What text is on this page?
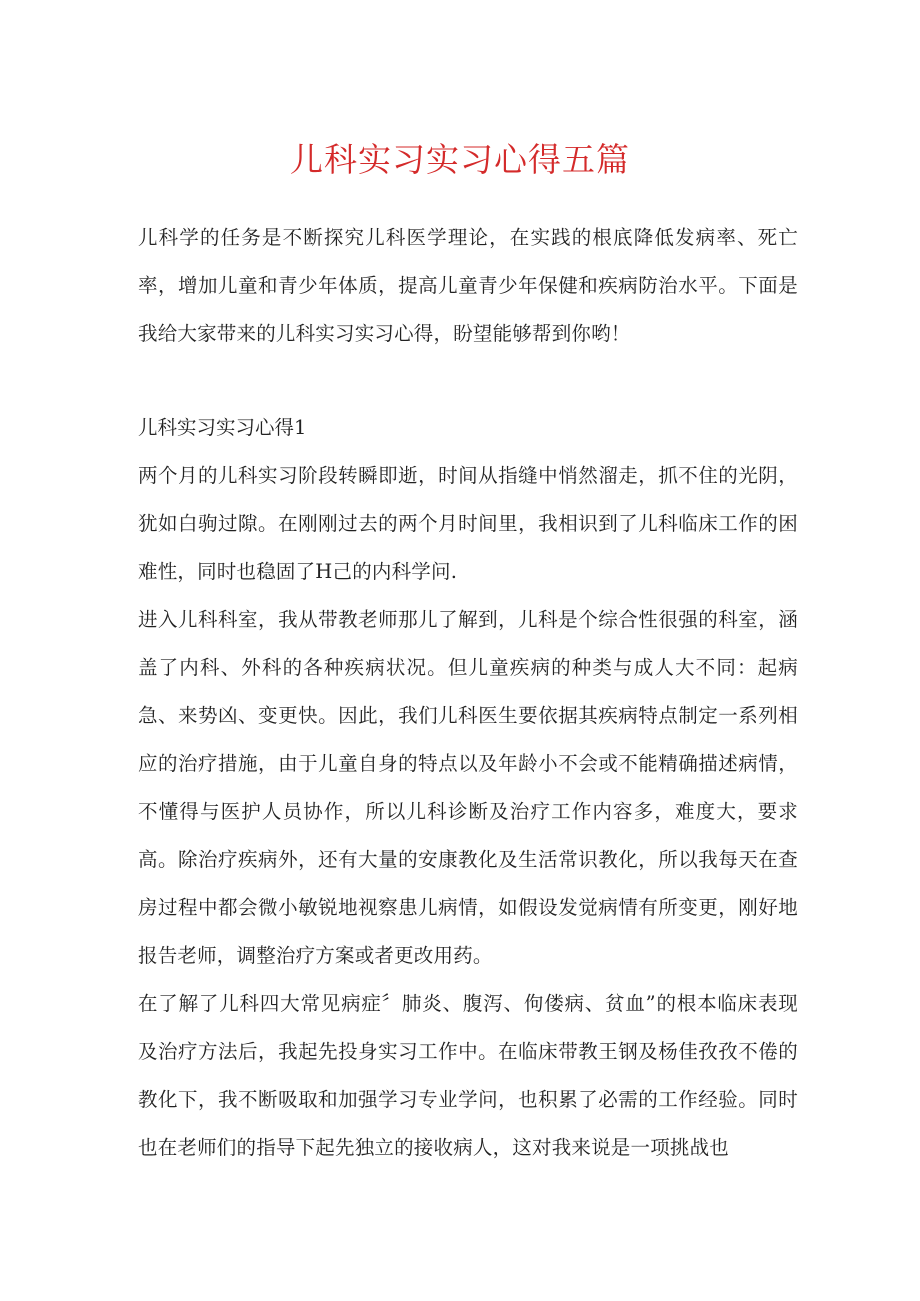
儿科实习实习心得五篇

儿科学的任务是不断探究儿科医学理论，在实践的根底降低发病率、死亡率，增加儿童和青少年体质，提高儿童青少年保健和疾病防治水平。下面是我给大家带来的儿科实习实习心得，盼望能够帮到你哟！

儿科实习实习心得1

两个月的儿科实习阶段转瞬即逝，时间从指缝中悄然溜走，抓不住的光阴，犹如白驹过隙。在刚刚过去的两个月时间里，我相识到了儿科临床工作的困难性，同时也稳固了H己的内科学问.

进入儿科科室，我从带教老师那儿了解到，儿科是个综合性很强的科室，涵盖了内科、外科的各种疾病状况。但儿童疾病的种类与成人大不同：起病急、来势凶、变更快。因此，我们儿科医生要依据其疾病特点制定一系列相应的治疗措施，由于儿童自身的特点以及年龄小不会或不能精确描述病情，不懂得与医护人员协作，所以儿科诊断及治疗工作内容多，难度大，要求高。除治疗疾病外，还有大量的安康教化及生活常识教化，所以我每天在查房过程中都会微小敏锐地视察患儿病情，如假设发觉病情有所变更，刚好地报告老师，调整治疗方案或者更改用药。

在了解了儿科四大常见病症〞肺炎、腹泻、佝偻病、贫血”的根本临床表现及治疗方法后，我起先投身实习工作中。在临床带教王钢及杨佳孜孜不倦的教化下，我不断吸取和加强学习专业学问，也积累了必需的工作经验。同时也在老师们的指导下起先独立的接收病人，这对我来说是一项挑战也
